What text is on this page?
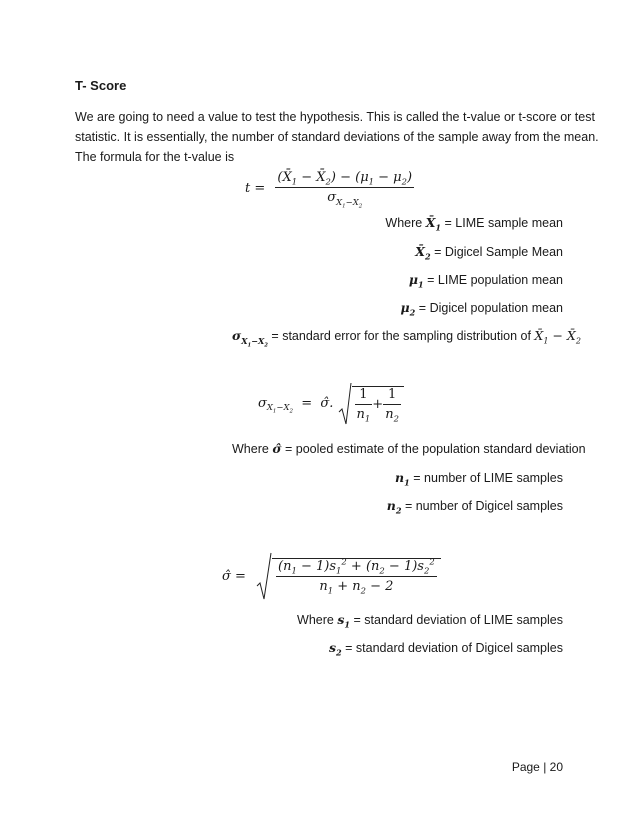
T- Score
We are going to need a value to test the hypothesis. This is called the t-value or t-score or test
statistic. It is essentially, the number of standard deviations of the sample away from the mean.
The formula for the t-value is
$t = \frac{(X̄_1 - X̄_2) - (\mu_1 - \mu_2)}{\sigma_{X_1-X_2}}$
Where $X̄_1$ = LIME sample mean
$X̄_2$ = Digicel Sample Mean
$\mu_1$ = LIME population mean
$\mu_2$ = Digicel population mean
$\sigma_{X_1-X_2}$ = standard error for the sampling distribution of $X̄_1$ − $X̄_2$
$\sigma_{X_1-X_2}$  =  σ̂. $\frac{1}{n_1} + \frac{1}{n_2}$
Where σ̂ = pooled estimate of the population standard deviation
$n_1$ = number of LIME samples
$n_2$ = number of Digicel samples
σ̂ = $\frac{(n_1 - 1)s_1^2 + (n_2 - 1)s_2^2}{n_1 + n_2 - 2}$
Where $s_1$ = standard deviation of LIME samples
$s_2$ = standard deviation of Digicel samples
Page | 20
